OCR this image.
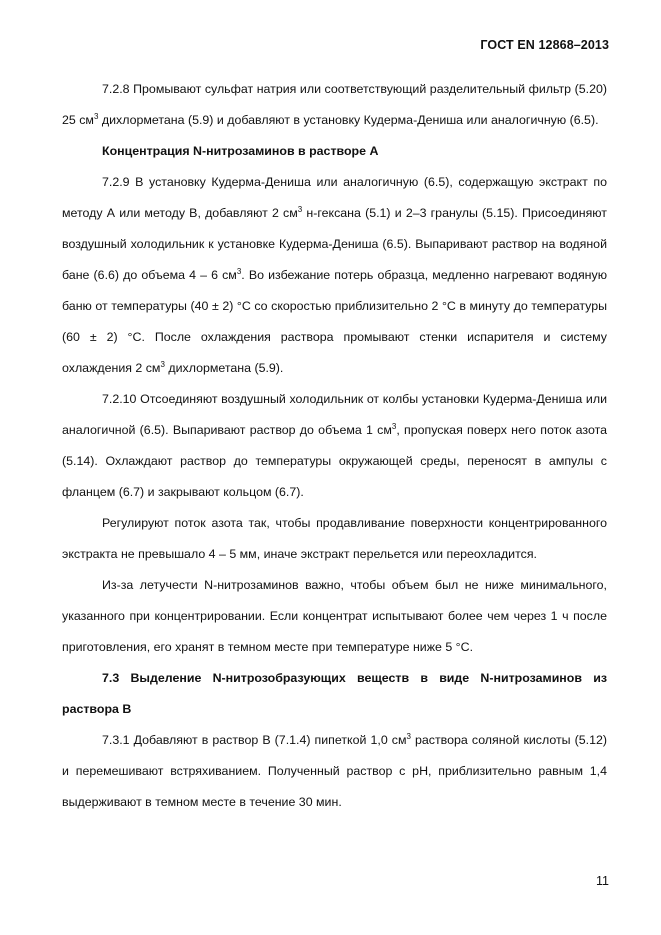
ГОСТ EN 12868–2013

7.2.8 Промывают сульфат натрия или соответствующий разделительный фильтр (5.20) 25 $см^3$ дихлорметана (5.9) и добавляют в установку Кудерма-Дениша или аналогичную (6.5).

Концентрация N-нитрозаминов в растворе А

7.2.9 В установку Кудерма-Дениша или аналогичную (6.5), содержащую экстракт по методу А или методу В, добавляют 2 $см^3$ н-гексана (5.1) и 2–3 гранулы (5.15). Присоединяют воздушный холодильник к установке Кудерма-Дениша (6.5). Выпаривают раствор на водяной бане (6.6) до объема 4 – 6 $см^3$. Во избежание потерь образца, медленно нагревают водяную баню от температуры (40 ± 2) °С со скоростью приблизительно 2 °С в минуту до температуры (60 ± 2) °С. После охлаждения раствора промывают стенки испарителя и систему охлаждения 2 $см^3$ дихлорметана (5.9).

7.2.10 Отсоединяют воздушный холодильник от колбы установки Кудерма-Дениша или аналогичной (6.5). Выпаривают раствор до объема 1 $см^3$, пропуская поверх него поток азота (5.14). Охлаждают раствор до температуры окружающей среды, переносят в ампулы с фланцем (6.7) и закрывают кольцом (6.7).

Регулируют поток азота так, чтобы продавливание поверхности концентрированного экстракта не превышало 4 – 5 мм, иначе экстракт перельется или переохладится.

Из-за летучести N-нитрозаминов важно, чтобы объем был не ниже минимального, указанного при концентрировании. Если концентрат испытывают более чем через 1 ч после приготовления, его хранят в темном месте при температуре ниже 5 °С.

7.3 Выделение N-нитрозобразующих веществ в виде N-нитрозаминов из раствора В

7.3.1 Добавляют в раствор В (7.1.4) пипеткой 1,0 $см^3$ раствора соляной кислоты (5.12) и перемешивают встряхиванием. Полученный раствор с pH, приблизительно равным 1,4 выдерживают в темном месте в течение 30 мин.

11
